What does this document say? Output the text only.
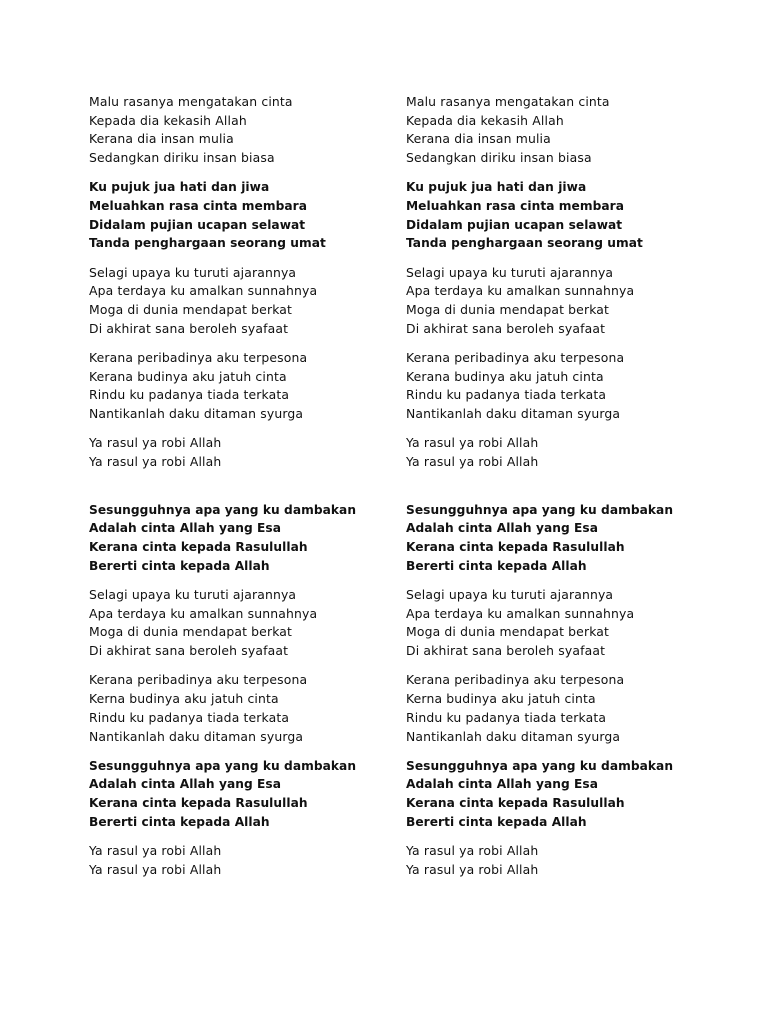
Malu rasanya mengatakan cinta
Kepada dia kekasih Allah
Kerana dia insan mulia
Sedangkan diriku insan biasa
Ku pujuk jua hati dan jiwa
Meluahkan rasa cinta membara
Didalam pujian ucapan selawat
Tanda penghargaan seorang umat
Selagi upaya ku turuti ajarannya
Apa terdaya ku amalkan sunnahnya
Moga di dunia mendapat berkat
Di akhirat sana beroleh syafaat
Kerana peribadinya aku terpesona
Kerana budinya aku jatuh cinta
Rindu ku padanya tiada terkata
Nantikanlah daku ditaman syurga
Ya rasul ya robi Allah
Ya rasul ya robi Allah
Sesungguhnya apa yang ku dambakan
Adalah cinta Allah yang Esa
Kerana cinta kepada Rasulullah
Bererti cinta kepada Allah
Selagi upaya ku turuti ajarannya
Apa terdaya ku amalkan sunnahnya
Moga di dunia mendapat berkat
Di akhirat sana beroleh syafaat
Kerana peribadinya aku terpesona
Kerna budinya aku jatuh cinta
Rindu ku padanya tiada terkata
Nantikanlah daku ditaman syurga
Sesungguhnya apa yang ku dambakan
Adalah cinta Allah yang Esa
Kerana cinta kepada Rasulullah
Bererti cinta kepada Allah
Ya rasul ya robi Allah
Ya rasul ya robi Allah
Malu rasanya mengatakan cinta
Kepada dia kekasih Allah
Kerana dia insan mulia
Sedangkan diriku insan biasa
Ku pujuk jua hati dan jiwa
Meluahkan rasa cinta membara
Didalam pujian ucapan selawat
Tanda penghargaan seorang umat
Selagi upaya ku turuti ajarannya
Apa terdaya ku amalkan sunnahnya
Moga di dunia mendapat berkat
Di akhirat sana beroleh syafaat
Kerana peribadinya aku terpesona
Kerana budinya aku jatuh cinta
Rindu ku padanya tiada terkata
Nantikanlah daku ditaman syurga
Ya rasul ya robi Allah
Ya rasul ya robi Allah
Sesungguhnya apa yang ku dambakan
Adalah cinta Allah yang Esa
Kerana cinta kepada Rasulullah
Bererti cinta kepada Allah
Selagi upaya ku turuti ajarannya
Apa terdaya ku amalkan sunnahnya
Moga di dunia mendapat berkat
Di akhirat sana beroleh syafaat
Kerana peribadinya aku terpesona
Kerna budinya aku jatuh cinta
Rindu ku padanya tiada terkata
Nantikanlah daku ditaman syurga
Sesungguhnya apa yang ku dambakan
Adalah cinta Allah yang Esa
Kerana cinta kepada Rasulullah
Bererti cinta kepada Allah
Ya rasul ya robi Allah
Ya rasul ya robi Allah
